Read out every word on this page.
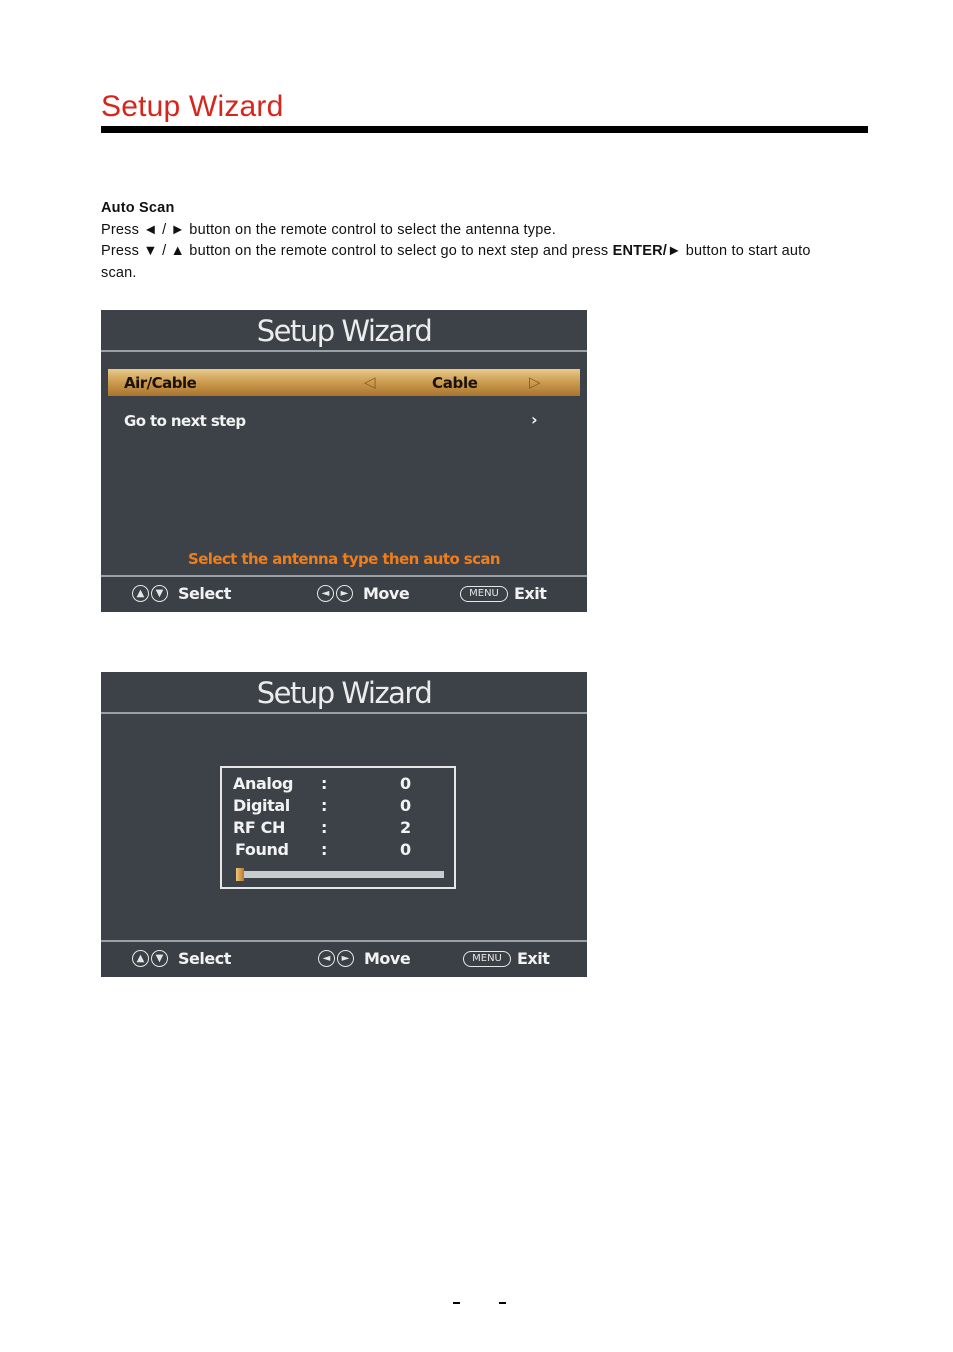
Setup Wizard
Auto Scan
Press ◄ / ► button on the remote control to select the antenna type.
Press ▼ / ▲ button on the remote control to select go to next step and press ENTER/► button to start auto scan.
Setup Wizard
Air/Cable	◁	Cable	▷
Go to next step	›
Select the antenna type then auto scan
▲	▼ Select	◄	► Move	MENU Exit
Setup Wizard
Analog :	0
Digital :	0
RF CH :	2
Found :	0
▲	▼ Select	◄	► Move	MENU Exit
